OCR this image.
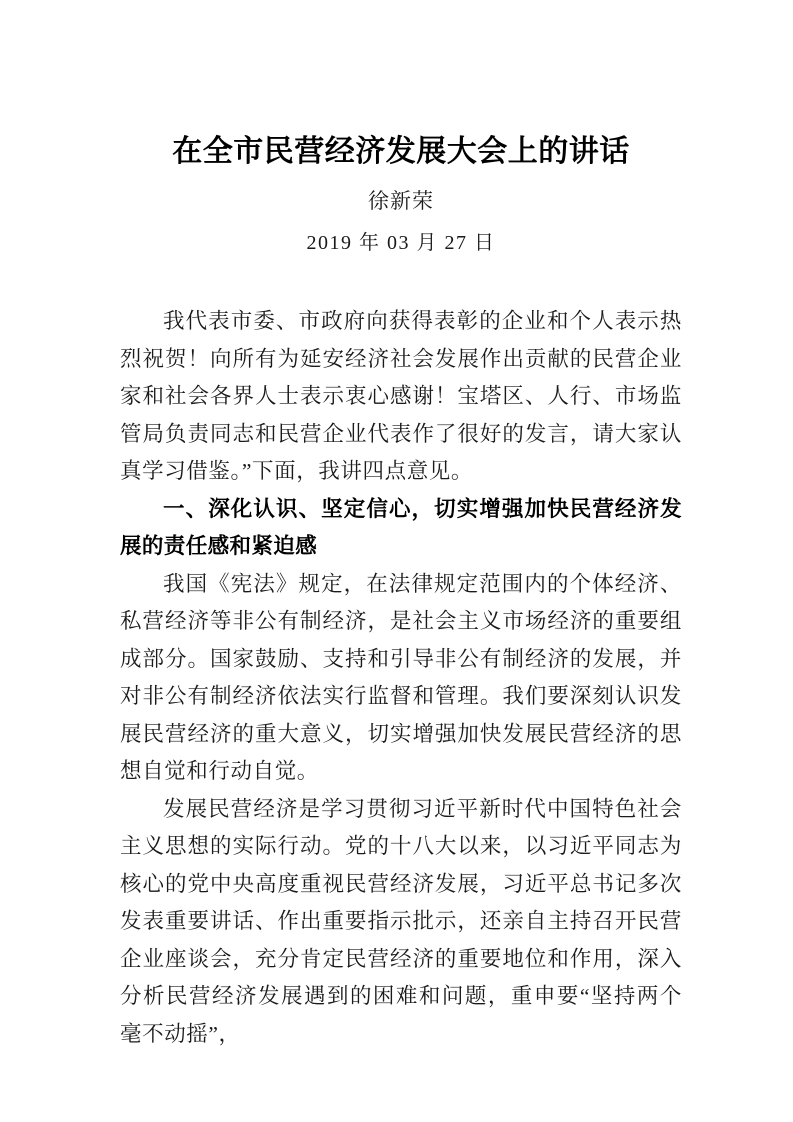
在全市民营经济发展大会上的讲话
徐新荣
2019 年 03 月 27 日

我代表市委、市政府向获得表彰的企业和个人表示热烈祝贺！向所有为延安经济社会发展作出贡献的民营企业家和社会各界人士表示衷心感谢！宝塔区、人行、市场监管局负责同志和民营企业代表作了很好的发言，请大家认真学习借鉴。”下面，我讲四点意见。

一、深化认识、坚定信心，切实增强加快民营经济发展的责任感和紧迫感

我国《宪法》规定，在法律规定范围内的个体经济、私营经济等非公有制经济，是社会主义市场经济的重要组成部分。国家鼓励、支持和引导非公有制经济的发展，并对非公有制经济依法实行监督和管理。我们要深刻认识发展民营经济的重大意义，切实增强加快发展民营经济的思想自觉和行动自觉。

发展民营经济是学习贯彻习近平新时代中国特色社会主义思想的实际行动。党的十八大以来，以习近平同志为核心的党中央高度重视民营经济发展，习近平总书记多次发表重要讲话、作出重要指示批示，还亲自主持召开民营企业座谈会，充分肯定民营经济的重要地位和作用，深入分析民营经济发展遇到的困难和问题，重申要“坚持两个毫不动摇”，
